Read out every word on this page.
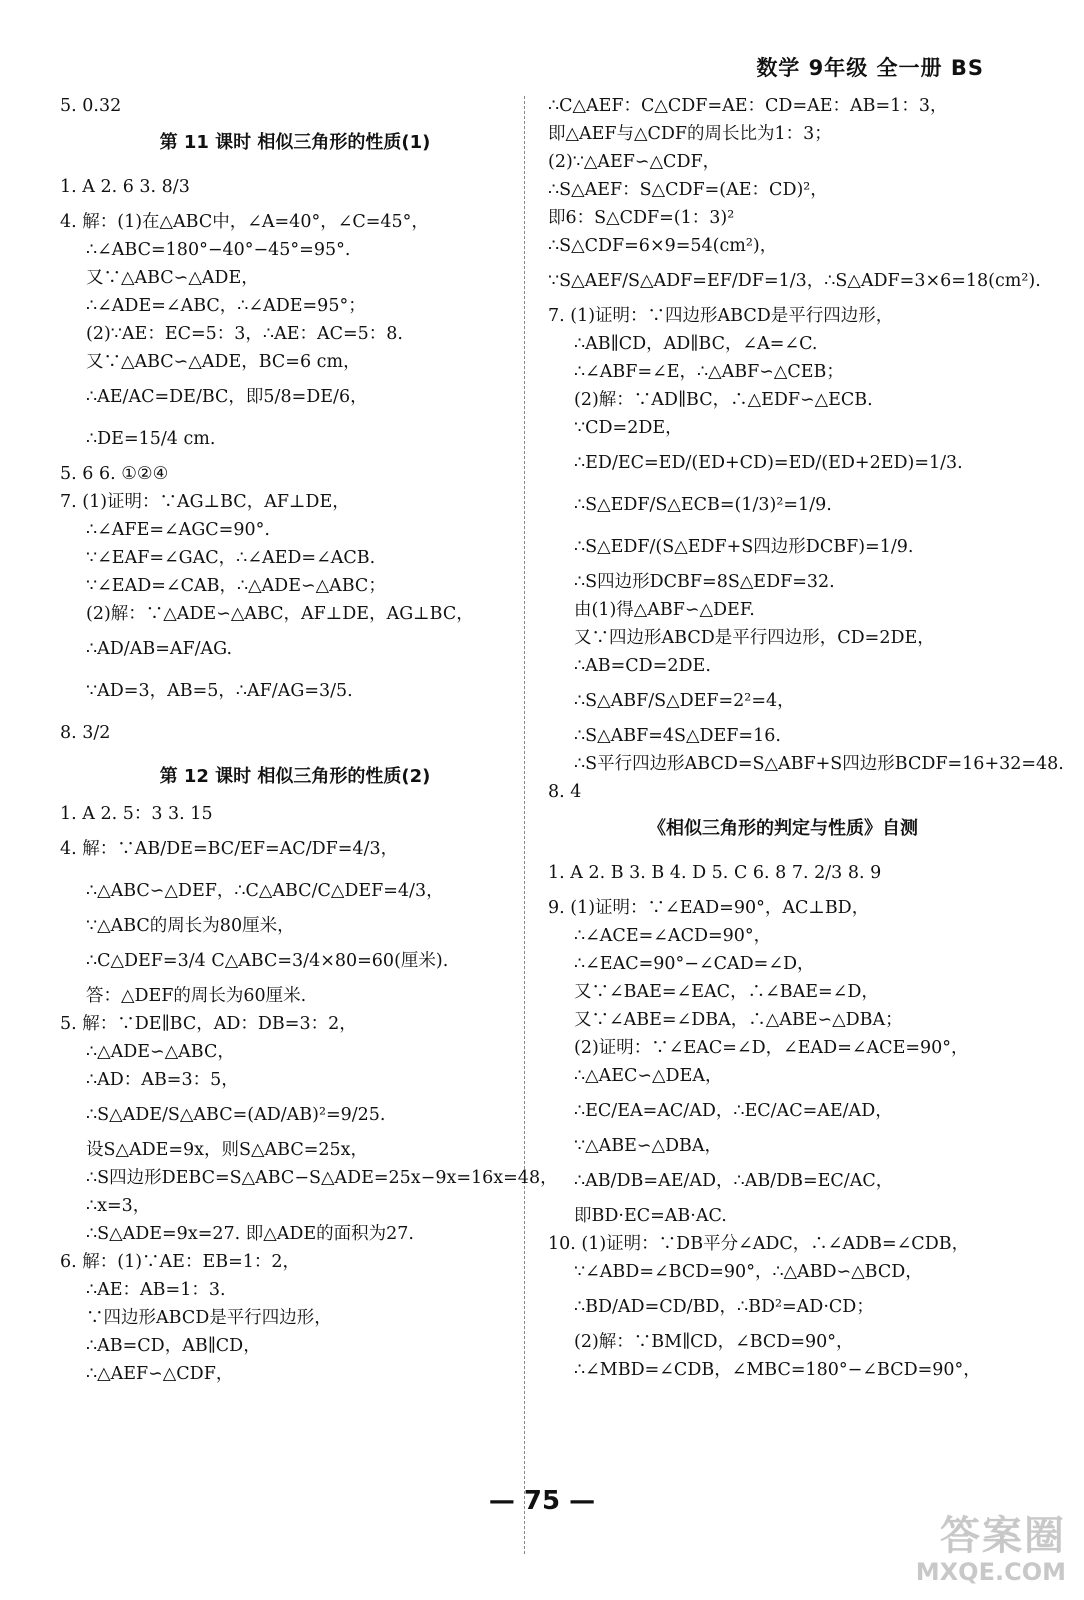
数学 9年级 全一册 BS
5. 0.32
第 11 课时 相似三角形的性质(1)
1. A 2. 6 3. 8/3
4. 解：(1)在△ABC中，∠A=40°，∠C=45°，
∴∠ABC=180°−40°−45°=95°.
又∵△ABC∽△ADE，
∴∠ADE=∠ABC，∴∠ADE=95°；
(2)∵AE：EC=5：3，∴AE：AC=5：8.
又∵△ABC∽△ADE，BC=6 cm，
∴AE/AC=DE/BC，即5/8=DE/6，
∴DE=15/4 cm.
5. 6 6. ①②④
7. (1)证明：∵AG⊥BC，AF⊥DE，
∴∠AFE=∠AGC=90°.
∵∠EAF=∠GAC，∴∠AED=∠ACB.
∵∠EAD=∠CAB，∴△ADE∽△ABC；
(2)解：∵△ADE∽△ABC，AF⊥DE，AG⊥BC，
∴AD/AB=AF/AG.
∵AD=3，AB=5，∴AF/AG=3/5.
8. 3/2
第 12 课时 相似三角形的性质(2)
1. A 2. 5：3 3. 15
4. 解：∵AB/DE=BC/EF=AC/DF=4/3，
∴△ABC∽△DEF，∴C△ABC/C△DEF=4/3，
∵△ABC的周长为80厘米，
∴C△DEF=3/4 C△ABC=3/4×80=60(厘米).
答：△DEF的周长为60厘米.
5. 解：∵DE∥BC，AD：DB=3：2，
∴△ADE∽△ABC，
∴AD：AB=3：5，
∴S△ADE/S△ABC=(AD/AB)²=9/25.
设S△ADE=9x，则S△ABC=25x，
∴S四边形DEBC=S△ABC−S△ADE=25x−9x=16x=48，
∴x=3，
∴S△ADE=9x=27. 即△ADE的面积为27.
6. 解：(1)∵AE：EB=1：2，
∴AE：AB=1：3.
∵四边形ABCD是平行四边形，
∴AB=CD，AB∥CD，
∴△AEF∽△CDF，
∴C△AEF：C△CDF=AE：CD=AE：AB=1：3，
即△AEF与△CDF的周长比为1：3；
(2)∵△AEF∽△CDF，
∴S△AEF：S△CDF=(AE：CD)²，
即6：S△CDF=(1：3)²
∴S△CDF=6×9=54(cm²)，
∵S△AEF/S△ADF=EF/DF=1/3，∴S△ADF=3×6=18(cm²).
7. (1)证明：∵四边形ABCD是平行四边形，
∴AB∥CD，AD∥BC，∠A=∠C.
∴∠ABF=∠E，∴△ABF∽△CEB；
(2)解：∵AD∥BC，∴△EDF∽△ECB.
∵CD=2DE，
∴ED/EC=ED/(ED+CD)=ED/(ED+2ED)=1/3.
∴S△EDF/S△ECB=(1/3)²=1/9.
∴S△EDF/(S△EDF+S四边形DCBF)=1/9.
∴S四边形DCBF=8S△EDF=32.
由(1)得△ABF∽△DEF.
又∵四边形ABCD是平行四边形，CD=2DE，
∴AB=CD=2DE.
∴S△ABF/S△DEF=2²=4，
∴S△ABF=4S△DEF=16.
∴S平行四边形ABCD=S△ABF+S四边形BCDF=16+32=48.
8. 4
《相似三角形的判定与性质》自测
1. A 2. B 3. B 4. D 5. C 6. 8 7. 2/3 8. 9
9. (1)证明：∵∠EAD=90°，AC⊥BD，
∴∠ACE=∠ACD=90°，
∴∠EAC=90°−∠CAD=∠D，
又∵∠BAE=∠EAC，∴∠BAE=∠D，
又∵∠ABE=∠DBA，∴△ABE∽△DBA；
(2)证明：∵∠EAC=∠D，∠EAD=∠ACE=90°，
∴△AEC∽△DEA，
∴EC/EA=AC/AD，∴EC/AC=AE/AD，
∵△ABE∽△DBA，
∴AB/DB=AE/AD，∴AB/DB=EC/AC，
即BD·EC=AB·AC.
10. (1)证明：∵DB平分∠ADC，∴∠ADB=∠CDB，
∵∠ABD=∠BCD=90°，∴△ABD∽△BCD，
∴BD/AD=CD/BD，∴BD²=AD·CD；
(2)解：∵BM∥CD，∠BCD=90°，
∴∠MBD=∠CDB，∠MBC=180°−∠BCD=90°，
— 75 —
答案圈
MXQE.COM
